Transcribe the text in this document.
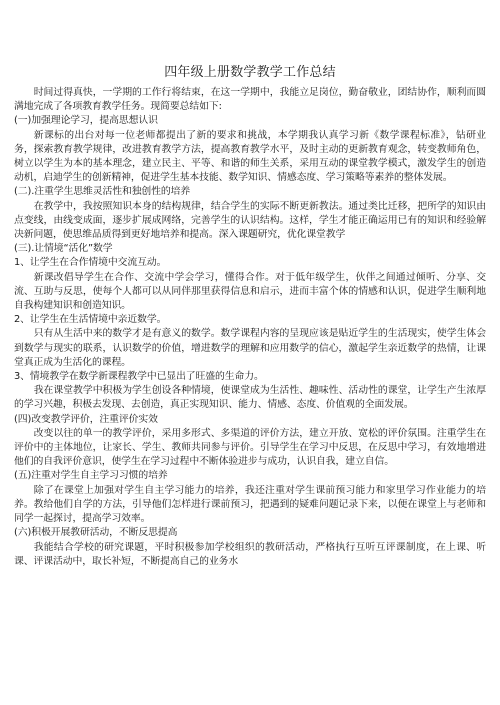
四年级上册数学教学工作总结

时间过得真快，一学期的工作行将结束，在这一学期中，我能立足岗位，勤奋敬业，团结协作，顺利而圆满地完成了各项教育教学任务。现简要总结如下:

(一)加强理论学习，提高思想认识

新课标的出台对每一位老师都提出了新的要求和挑战，本学期我认真学习新《数学课程标准》，钻研业务，探索教育教学规律，改进教育教学方法，提高教育教学水平，及时主动的更新教育观念，转变教师角色，树立以学生为本的基本理念，建立民主、平等、和谐的师生关系，采用互动的课堂教学模式，激发学生的创造动机，启迪学生的创新精神，促进学生基本技能、数学知识、情感态度、学习策略等素养的整体发展。

(二).注重学生思维灵活性和独创性的培养

在教学中，我按照知识本身的结构规律，结合学生的实际不断更新教法。通过类比迁移，把所学的知识由点变线，由线变成面，逐步扩展成网络，完善学生的认识结构。这样，学生才能正确运用已有的知识和经验解决新问题，使思维品质得到更好地培养和提高。深入课题研究，优化课堂教学

(三).让情境“活化”数学

1、让学生在合作情境中交流互动。

新课改倡导学生在合作、交流中学会学习，懂得合作。对于低年级学生，伙伴之间通过倾听、分享、交流、互助与反思，使每个人都可以从同伴那里获得信息和启示，进而丰富个体的情感和认识，促进学生顺利地自我构建知识和创造知识。

2、让学生在生活情境中亲近数学。

只有从生活中来的数学才是有意义的数学。数学课程内容的呈现应该是贴近学生的生活现实，使学生体会到数学与现实的联系，认识数学的价值，增进数学的理解和应用数学的信心，激起学生亲近数学的热情，让课堂真正成为生活化的课程。

3、情境教学在数学新课程教学中已显出了旺盛的生命力。

我在课堂教学中积极为学生创设各种情境，使课堂成为生活性、趣味性、活动性的课堂，让学生产生浓厚的学习兴趣，积极去发现、去创造，真正实现知识、能力、情感、态度、价值观的全面发展。

(四)改变教学评价，注重评价实效

改变以往的单一的教学评价，采用多形式、多渠道的评价方法，建立开放、宽松的评价氛围。注重学生在评价中的主体地位，让家长、学生、教师共同参与评价。引导学生在学习中反思，在反思中学习，有效地增进他们的自我评价意识，使学生在学习过程中不断体验进步与成功，认识自我，建立自信。

(五)注重对学生自主学习习惯的培养

除了在课堂上加强对学生自主学习能力的培养，我还注重对学生课前预习能力和家里学习作业能力的培养。教给他们自学的方法，引导他们怎样进行课前预习，把遇到的疑难问题记录下来，以便在课堂上与老师和同学一起探讨，提高学习效率。

(六)积极开展教研活动，不断反思提高

我能结合学校的研究课题，平时积极参加学校组织的教研活动，严格执行互听互评课制度，在上课、听课、评课活动中，取长补短，不断提高自己的业务水
